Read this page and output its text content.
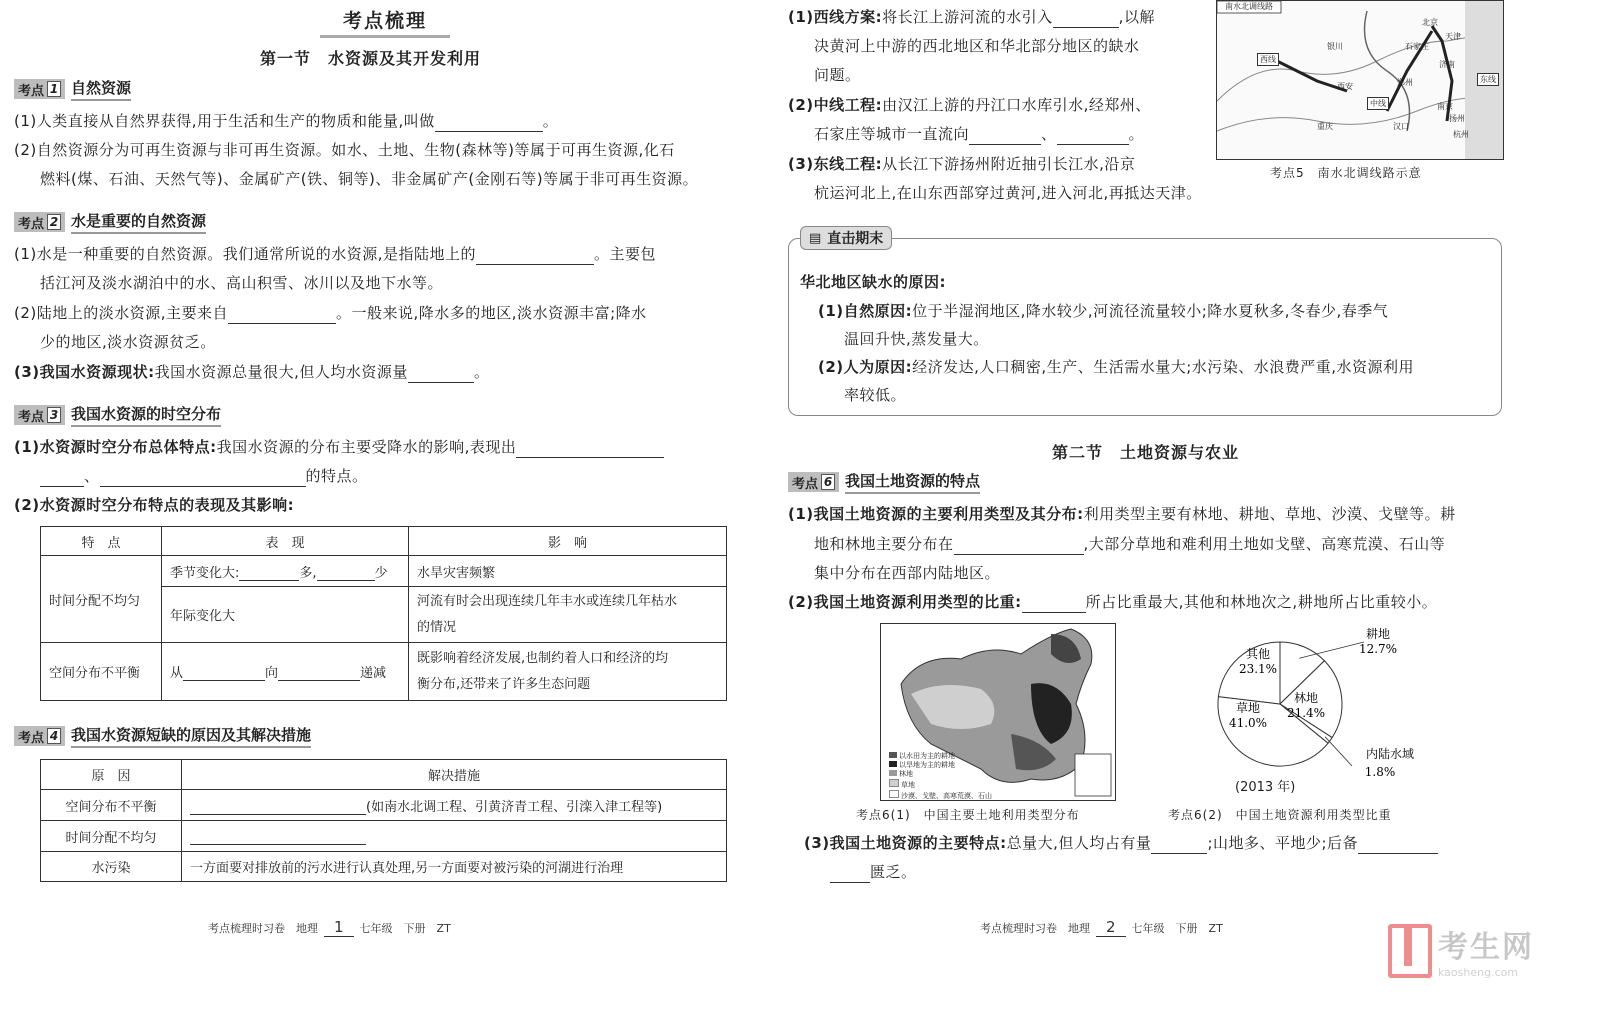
考点梳理
第一节　水资源及其开发利用
考点 1 自然资源
(1)人类直接从自然界获得,用于生活和生产的物质和能量,叫做	。
(2)自然资源分为可再生资源与非可再生资源。如水、土地、生物(森林等)等属于可再生资源,化石
燃料(煤、石油、天然气等)、金属矿产(铁、铜等)、非金属矿产(金刚石等)等属于非可再生资源。
考点 2 水是重要的自然资源
(1)水是一种重要的自然资源。我们通常所说的水资源,是指陆地上的	。主要包
括江河及淡水湖泊中的水、高山积雪、冰川以及地下水等。
(2)陆地上的淡水资源,主要来自	。一般来说,降水多的地区,淡水资源丰富;降水
少的地区,淡水资源贫乏。
(3)我国水资源现状:我国水资源总量很大,但人均水资源量	。
考点 3 我国水资源的时空分布
(1)水资源时空分布总体特点:我国水资源的分布主要受降水的影响,表现出
、	的特点。
(2)水资源时空分布特点的表现及其影响:
特　点	表　现	影　响
时间分配不均匀	季节变化大: 多, 少	水旱灾害频繁
	年际变化大	河流有时会出现连续几年丰水或连续几年枯水
的情况
空间分布不平衡	从 向 递减	既影响着经济发展,也制约着人口和经济的均
衡分布,还带来了许多生态问题
考点 4 我国水资源短缺的原因及其解决措施
原　因	解决措施
空间分布不平衡	(如南水北调工程、引黄济青工程、引滦入津工程等)
时间分配不均匀	
水污染	一方面要对排放前的污水进行认真处理,另一方面要对被污染的河湖进行治理
考点梳理时习卷　地理 1 七年级　下册　ZT
(1)西线方案:将长江上游河流的水引入	,以解
决黄河上中游的西北地区和华北部分地区的缺水
问题。
(2)中线工程:由汉江上游的丹江口水库引水,经郑州、
石家庄等城市一直流向	、	。
(3)东线工程:从长江下游扬州附近抽引长江水,沿京
杭运河北上,在山东西部穿过黄河,进入河北,再抵达天津。
南水北调线路
西线
中线
东线
银川
北京
天津
石家庄
济南
郑州
西安
南京
扬州
杭州
重庆	汉口
考点5　南水北调线路示意
▤ 直击期末
华北地区缺水的原因:
(1)自然原因:位于半湿润地区,降水较少,河流径流量较小;降水夏秋多,冬春少,春季气
温回升快,蒸发量大。
(2)人为原因:经济发达,人口稠密,生产、生活需水量大;水污染、水浪费严重,水资源利用
率较低。
第二节　土地资源与农业
考点 6 我国土地资源的特点
(1)我国土地资源的主要利用类型及其分布:利用类型主要有林地、耕地、草地、沙漠、戈壁等。耕
地和林地主要分布在	,大部分草地和难利用土地如戈壁、高寒荒漠、石山等
集中分布在西部内陆地区。
(2)我国土地资源利用类型的比重:	所占比重最大,其他和林地次之,耕地所占比重较小。
以水田为主的耕地
以旱地为主的耕地
林地
草地
沙漠、戈壁、高寒荒漠、石山
考点6(1)　中国主要土地利用类型分布
耕地
12.7%
林地
21.4%
草地
41.0%
其他
23.1%
内陆水域
1.8%
(2013 年)
考点6(2)　中国土地资源利用类型比重
(3)我国土地资源的主要特点:总量大,但人均占有量	;山地多、平地少;后备
匮乏。
考点梳理时习卷　地理 2 七年级　下册　ZT
考生网
kaosheng.com
